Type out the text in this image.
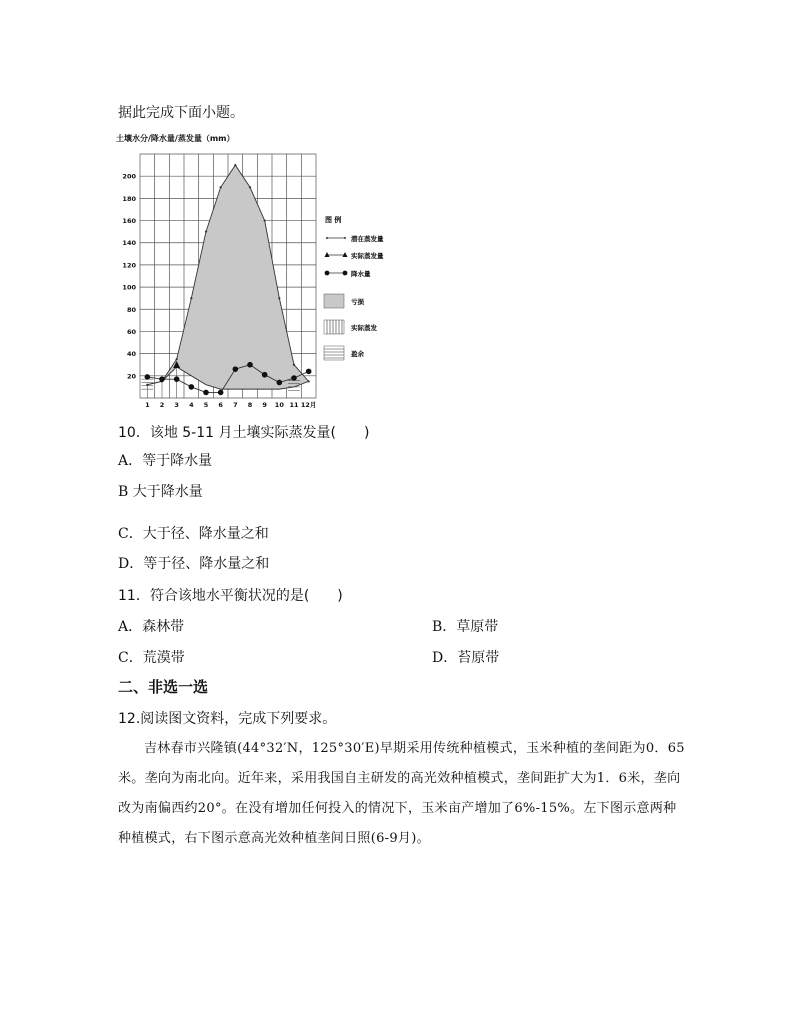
据此完成下面小题。
土壤水分/降水量/蒸发量（mm）
20
40
60
80
100
120
140
160
180
200
1 2 3 4 5 6 7 8 9 10 11 12月
图 例
潜在蒸发量
实际蒸发量
降水量
亏损
实际蒸发
盈余
10．该地 5-11 月土壤实际蒸发量(　　)
A．等于降水量
B 大于降水量
C．大于径、降水量之和
D．等于径、降水量之和
11．符合该地水平衡状况的是(　　)
A．森林带	B．草原带
C．荒漠带	D．苔原带
二、非选一选
12.阅读图文资料，完成下列要求。

吉林春市兴隆镇(44°32′N，125°30′E)早期采用传统种植模式，玉米种植的垄间距为0．65米。垄向为南北向。近年来，采用我国自主研发的高光效种植模式，垄间距扩大为1．6米，垄向改为南偏西约20°。在没有增加任何投入的情况下，玉米亩产增加了6%-15%。左下图示意两种种植模式，右下图示意高光效种植垄间日照(6-9月)。
